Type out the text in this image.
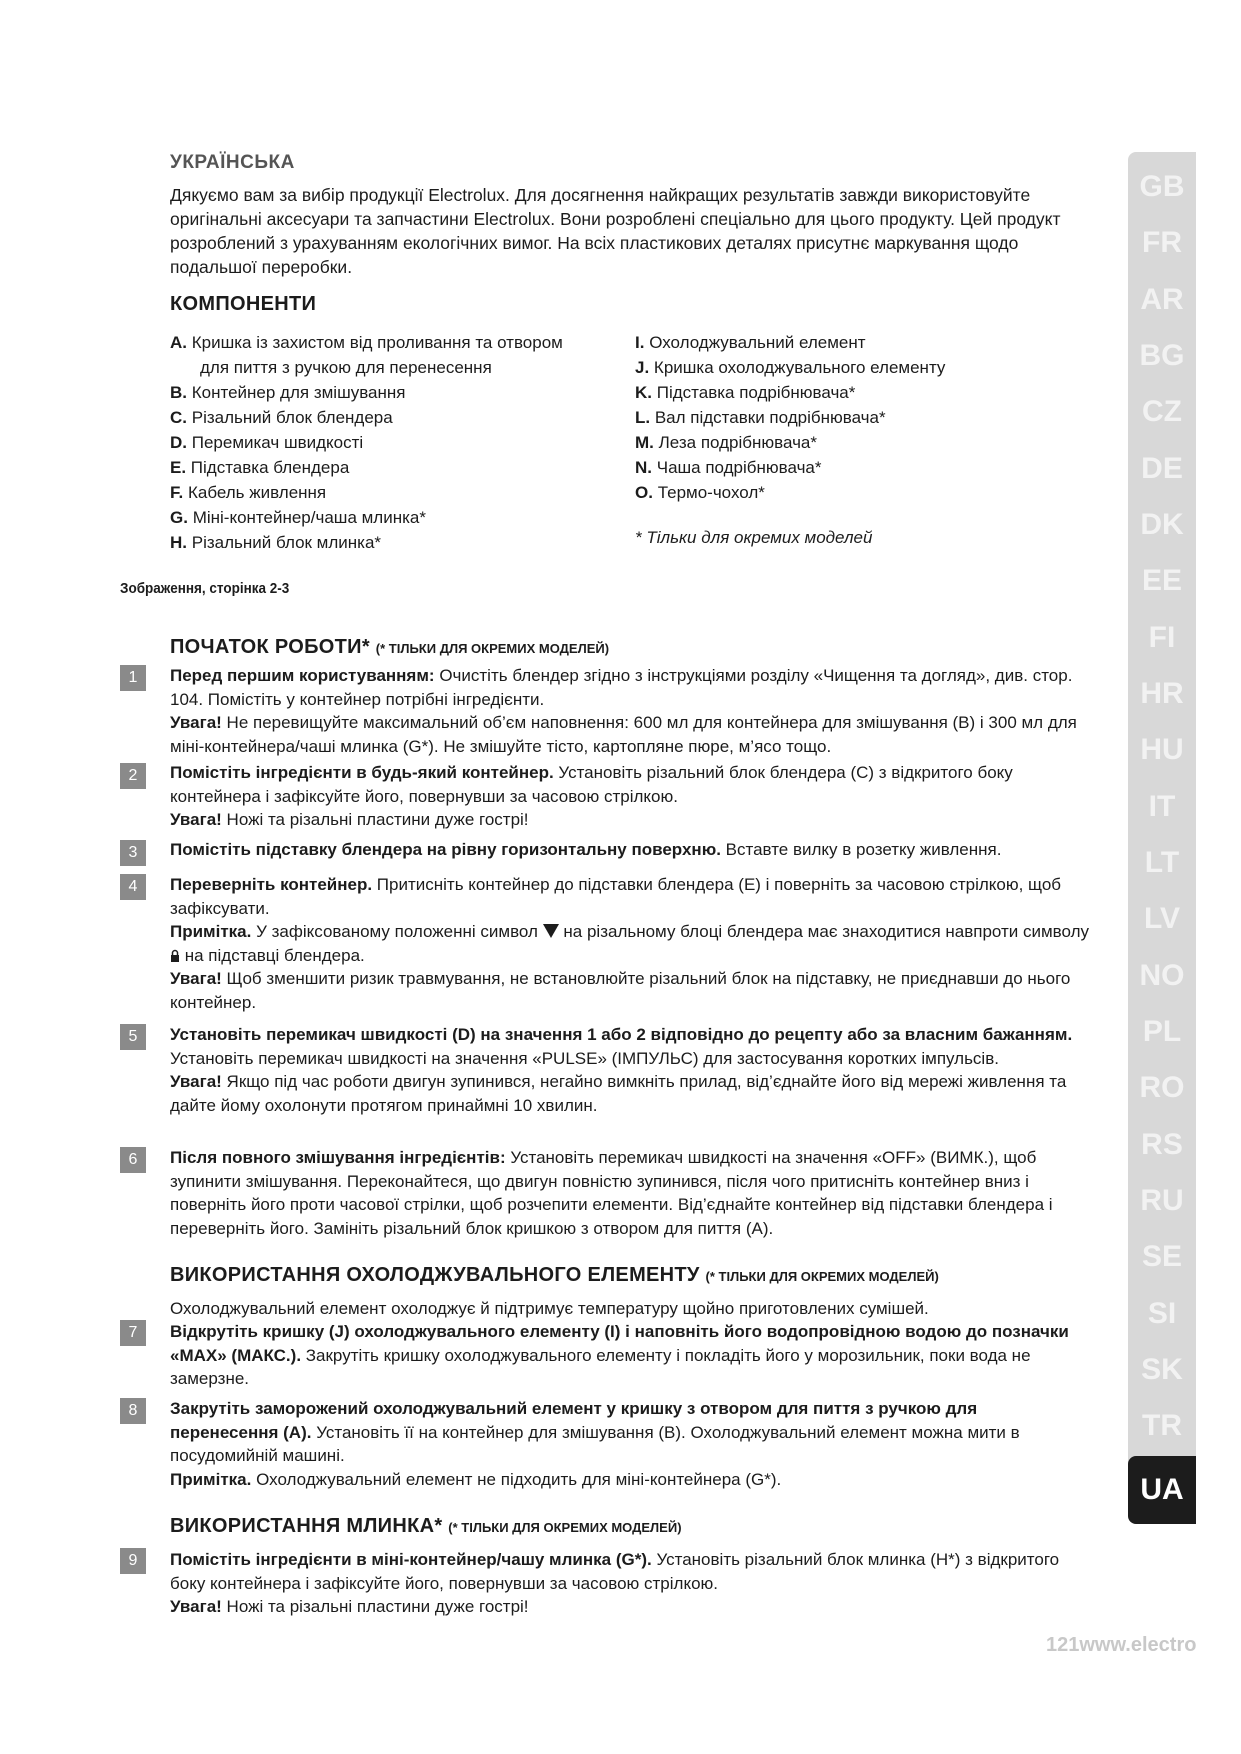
УКРАЇНСЬКА
Дякуємо вам за вибір продукції Electrolux. Для досягнення найкращих результатів завжди використовуйте оригінальні аксесуари та запчастини Electrolux. Вони розроблені спеціально для цього продукту. Цей продукт розроблений з урахуванням екологічних вимог. На всіх пластикових деталях присутнє маркування щодо подальшої переробки.
КОМПОНЕНТИ
A. Кришка із захистом від проливання та отвором
для пиття з ручкою для перенесення
B. Контейнер для змішування
C. Різальний блок блендера
D. Перемикач швидкості
E. Підставка блендера
F. Кабель живлення
G. Міні-контейнер/чаша млинка*
H. Різальний блок млинка*
I. Охолоджувальний елемент
J. Кришка охолоджувального елементу
K. Підставка подрібнювача*
L. Вал підставки подрібнювача*
M. Леза подрібнювача*
N. Чаша подрібнювача*
O. Термо-чохол*
* Тільки для окремих моделей
Зображення, сторінка 2-3
ПОЧАТОК РОБОТИ* (* ТІЛЬКИ ДЛЯ ОКРЕМИХ МОДЕЛЕЙ)
1	Перед першим користуванням: Очистіть блендер згідно з інструкціями розділу «Чищення та догляд», див. стор. 104. Помістіть у контейнер потрібні інгредієнти.

Увага! Не перевищуйте максимальний об’єм наповнення: 600 мл для контейнера для змішування (B) і 300 мл для міні-контейнера/чаші млинка (G*). Не змішуйте тісто, картопляне пюре, м’ясо тощо.

2	Помістіть інгредієнти в будь-який контейнер. Установіть різальний блок блендера (C) з відкритого боку контейнера і зафіксуйте його, повернувши за часовою стрілкою.

Увага! Ножі та різальні пластини дуже гострі!

3	Помістіть підставку блендера на рівну горизонтальну поверхню. Вставте вилку в розетку живлення.

4	Переверніть контейнер. Притисніть контейнер до підставки блендера (E) і поверніть за часовою стрілкою, щоб зафіксувати.

Примітка. У зафіксованому положенні символ  на різальному блоці блендера має знаходитися навпроти символу  на підставці блендера.

Увага! Щоб зменшити ризик травмування, не встановлюйте різальний блок на підставку, не приєднавши до нього контейнер.

5	Установіть перемикач швидкості (D) на значення 1 або 2 відповідно до рецепту або за власним бажанням. Установіть перемикач швидкості на значення «PULSE» (ІМПУЛЬС) для застосування коротких імпульсів.

Увага! Якщо під час роботи двигун зупинився, негайно вимкніть прилад, від’єднайте його від мережі живлення та дайте йому охолонути протягом принаймні 10 хвилин.

6	Після повного змішування інгредієнтів: Установіть перемикач швидкості на значення «OFF» (ВИМК.), щоб зупинити змішування. Переконайтеся, що двигун повністю зупинився, після чого притисніть контейнер вниз і поверніть його проти часової стрілки, щоб розчепити елементи. Від’єднайте контейнер від підставки блендера і переверніть його. Замініть різальний блок кришкою з отвором для пиття (A).

ВИКОРИСТАННЯ ОХОЛОДЖУВАЛЬНОГО ЕЛЕМЕНТУ (* ТІЛЬКИ ДЛЯ ОКРЕМИХ МОДЕЛЕЙ)
Охолоджувальний елемент охолоджує й підтримує температуру щойно приготовлених сумішей.
7	Відкрутіть кришку (J) охолоджувального елементу (I) і наповніть його водопровідною водою до позначки «MAX» (МАКС.). Закрутіть кришку охолоджувального елементу і покладіть його у морозильник, поки вода не замерзне.

8	Закрутіть заморожений охолоджувальний елемент у кришку з отвором для пиття з ручкою для перенесення (A). Установіть її на контейнер для змішування (B). Охолоджувальний елемент можна мити в посудомийній машині.

Примітка. Охолоджувальний елемент не підходить для міні-контейнера (G*).

ВИКОРИСТАННЯ МЛИНКА* (* ТІЛЬКИ ДЛЯ ОКРЕМИХ МОДЕЛЕЙ)
9	Помістіть інгредієнти в міні-контейнер/чашу млинка (G*). Установіть різальний блок млинка (H*) з відкритого боку контейнера і зафіксуйте його, повернувши за часовою стрілкою.

Увага! Ножі та різальні пластини дуже гострі!

GB
FR
AR
BG
CZ
DE
DK
EE
FI
HR
HU
IT
LT
LV
NO
PL
RO
RS
RU
SE
SI
SK
TR
UA
121www.electro
